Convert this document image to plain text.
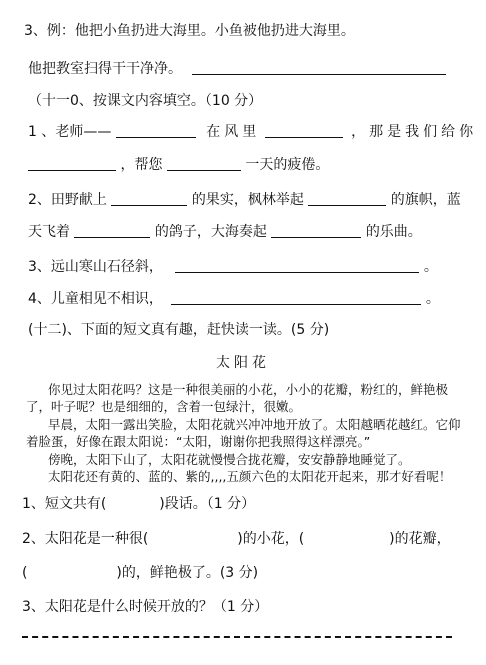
3、例：他把小鱼扔进大海里。小鱼被他扔进大海里。
他把教室扫得干干净净。
（十一0、按课文内容填空。（10 分）
1 、老师——	在风里	，那是我们给你
，帮您	一天的疲倦。
2、田野献上	的果实，枫林举起	的旗帜，蓝
天飞着	的鸽子，大海奏起	的乐曲。
3、远山寒山石径斜，	。
4、儿童相见不相识，	。
(十二)、下面的短文真有趣，赶快读一读。(5 分)
太阳花
你见过太阳花吗？这是一种很美丽的小花，小小的花瓣，粉红的，鲜艳极
了，叶子呢？也是细细的，含着一包绿汁，很嫩。
早晨，太阳一露出笑脸，太阳花就兴冲冲地开放了。太阳越晒花越红。它仰
着脸蛋，好像在跟太阳说：“太阳，谢谢你把我照得这样漂亮。”
傍晚，太阳下山了，太阳花就慢慢合拢花瓣，安安静静地睡觉了。
太阳花还有黄的、蓝的、紫的,,,,五颜六色的太阳花开起来，那才好看呢！
1、短文共有(	)段话。（1 分）
2、太阳花是一种很(	)的小花，(	)的花瓣，
(	)的，鲜艳极了。(3 分)
3、太阳花是什么时候开放的？（1 分）
